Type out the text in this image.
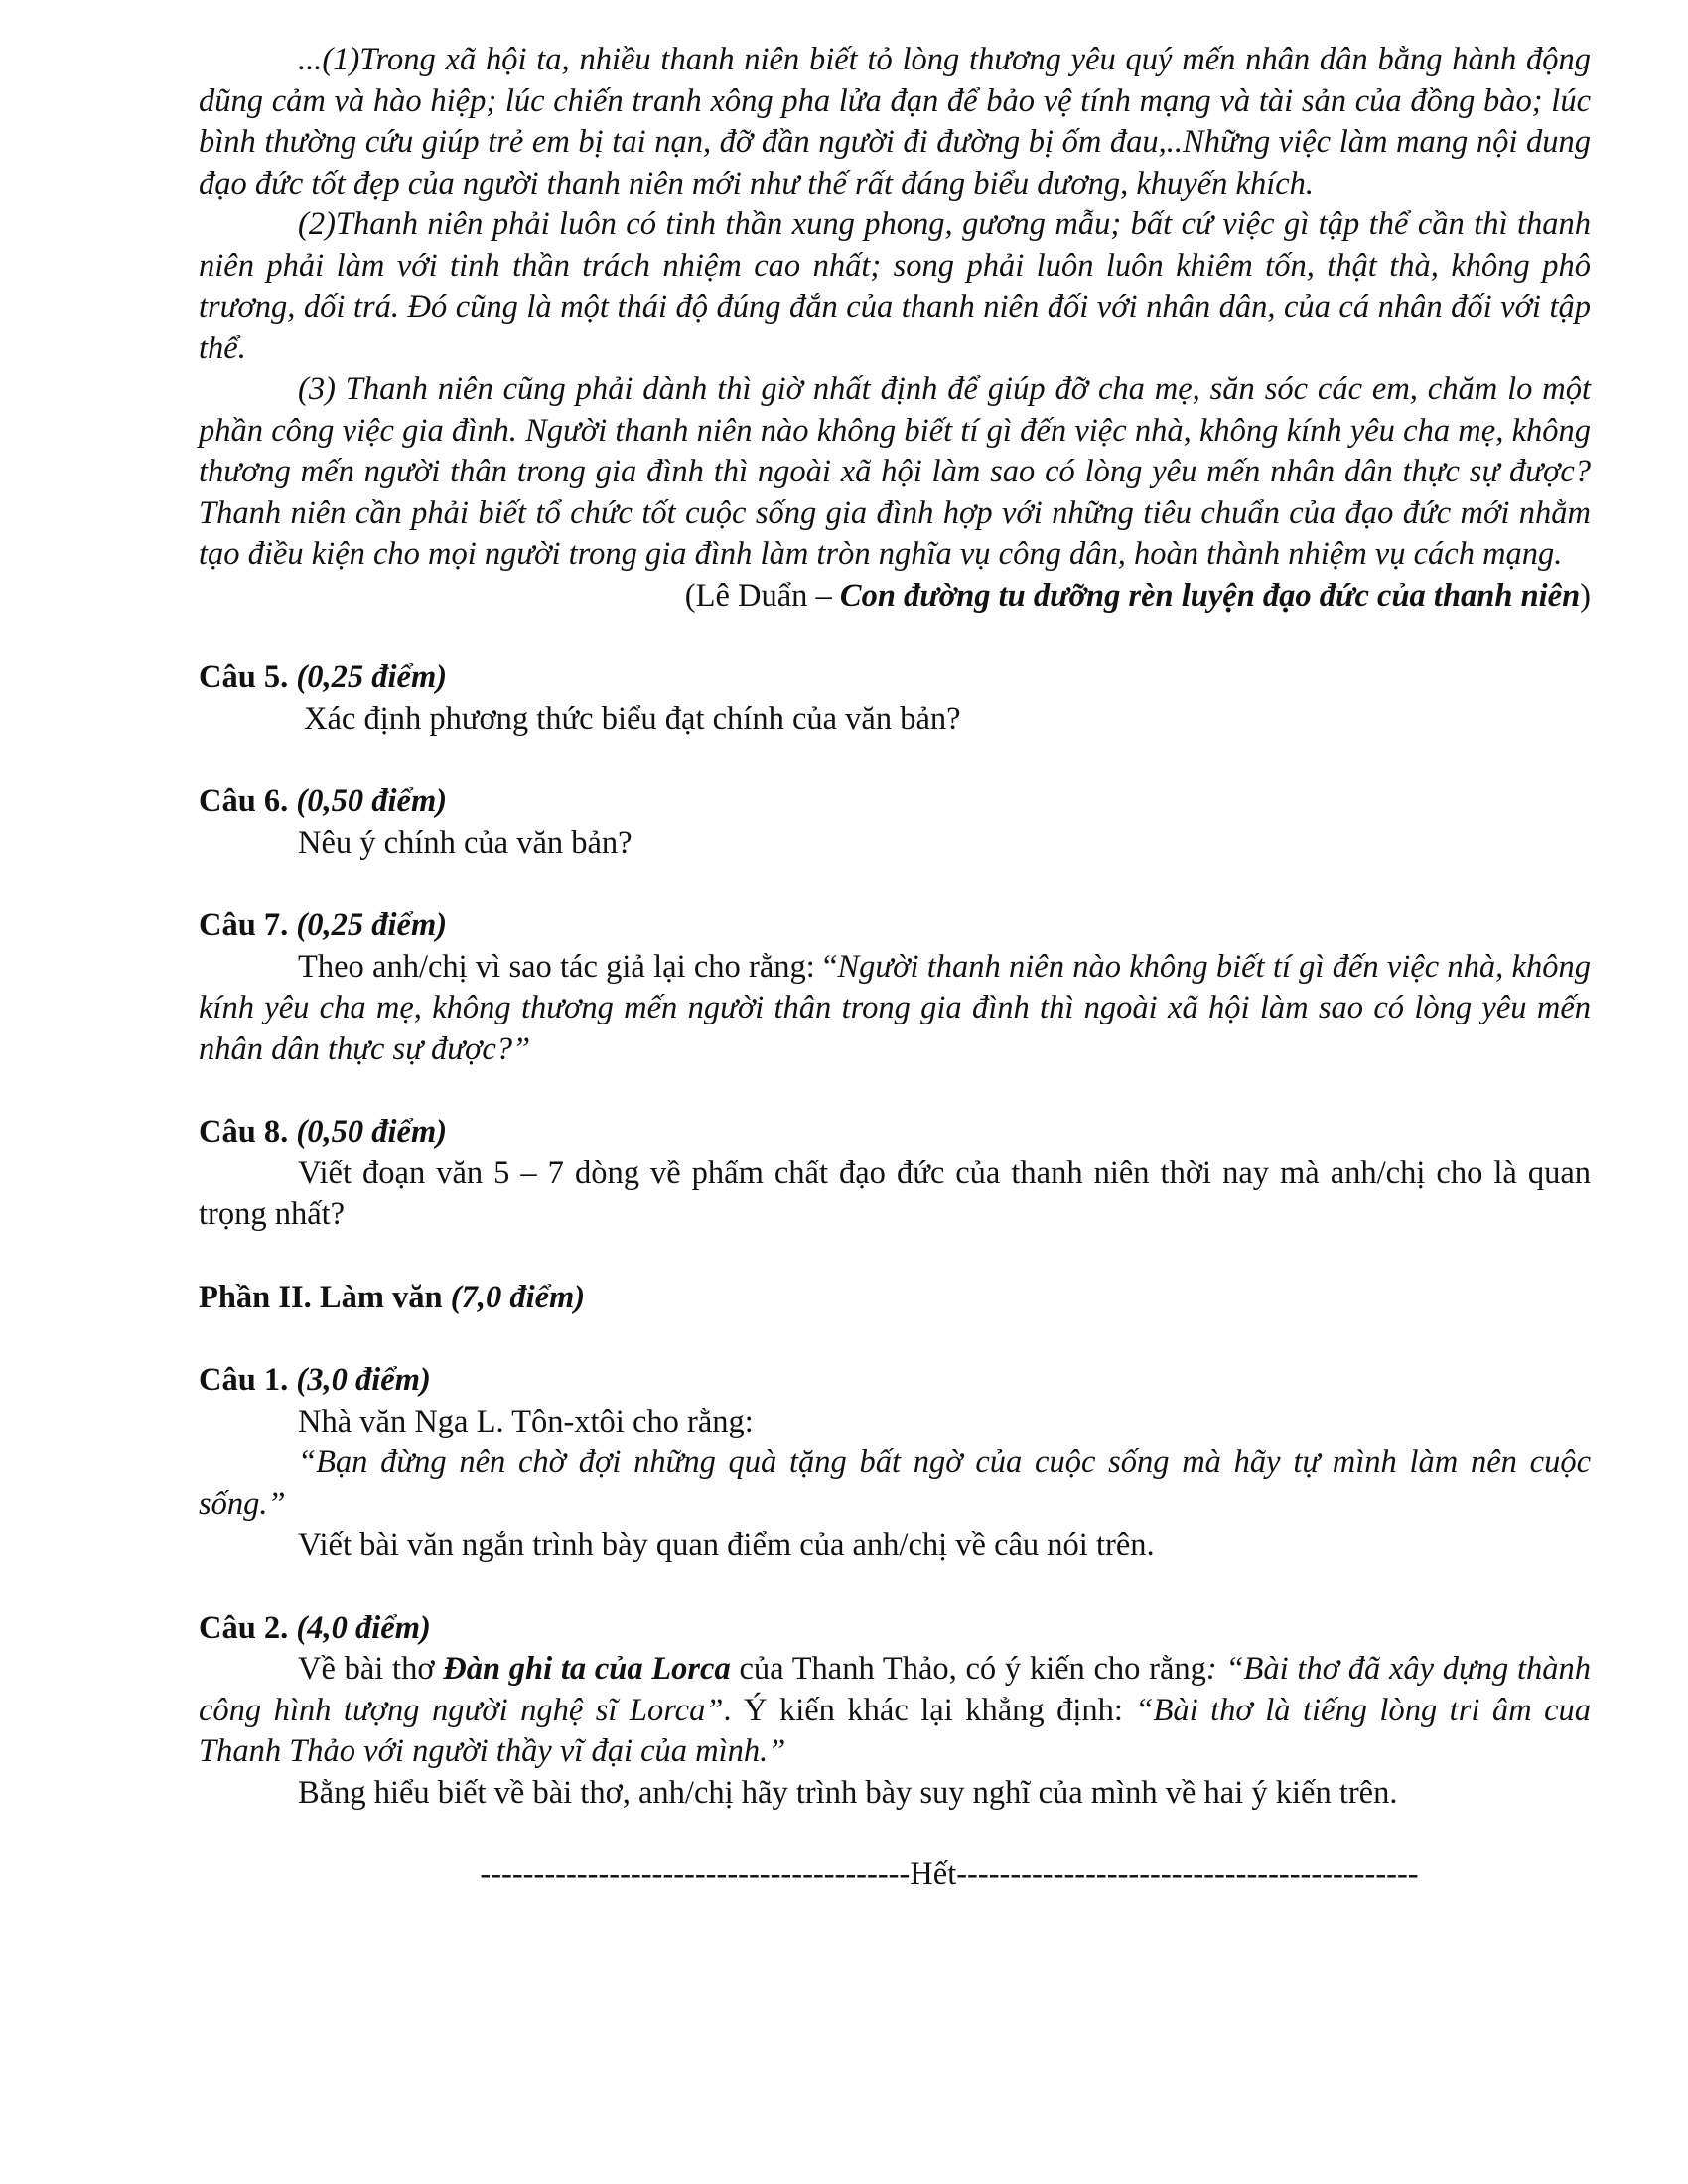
...(1)Trong xã hội ta, nhiều thanh niên biết tỏ lòng thương yêu quý mến nhân dân bằng hành động dũng cảm và hào hiệp; lúc chiến tranh xông pha lửa đạn để bảo vệ tính mạng và tài sản của đồng bào; lúc bình thường cứu giúp trẻ em bị tai nạn, đỡ đần người đi đường bị ốm đau,..Những việc làm mang nội dung đạo đức tốt đẹp của người thanh niên mới như thế rất đáng biểu dương, khuyến khích.

(2)Thanh niên phải luôn có tinh thần xung phong, gương mẫu; bất cứ việc gì tập thể cần thì thanh niên phải làm với tinh thần trách nhiệm cao nhất; song phải luôn luôn khiêm tốn, thật thà, không phô trương, dối trá. Đó cũng là một thái độ đúng đắn của thanh niên đối với nhân dân, của cá nhân đối với tập thể.

(3) Thanh niên cũng phải dành thì giờ nhất định để giúp đỡ cha mẹ, săn sóc các em, chăm lo một phần công việc gia đình. Người thanh niên nào không biết tí gì đến việc nhà, không kính yêu cha mẹ, không thương mến người thân trong gia đình thì ngoài xã hội làm sao có lòng yêu mến nhân dân thực sự được? Thanh niên cần phải biết tổ chức tốt cuộc sống gia đình hợp với những tiêu chuẩn của đạo đức mới nhằm tạo điều kiện cho mọi người trong gia đình làm tròn nghĩa vụ công dân, hoàn thành nhiệm vụ cách mạng.

(Lê Duẩn – Con đường tu dưỡng rèn luyện đạo đức của thanh niên)

Câu 5. (0,25 điểm)

Xác định phương thức biểu đạt chính của văn bản?

Câu 6. (0,50 điểm)

Nêu ý chính của văn bản?

Câu 7. (0,25 điểm)

Theo anh/chị vì sao tác giả lại cho rằng: “Người thanh niên nào không biết tí gì đến việc nhà, không kính yêu cha mẹ, không thương mến người thân trong gia đình thì ngoài xã hội làm sao có lòng yêu mến nhân dân thực sự được?”

Câu 8. (0,50 điểm)

Viết đoạn văn 5 – 7 dòng về phẩm chất đạo đức của thanh niên thời nay mà anh/chị cho là quan trọng nhất?

Phần II. Làm văn (7,0 điểm)

Câu 1. (3,0 điểm)

Nhà văn Nga L. Tôn-xtôi cho rằng:

“Bạn đừng nên chờ đợi những quà tặng bất ngờ của cuộc sống mà hãy tự mình làm nên cuộc sống.”

Viết bài văn ngắn trình bày quan điểm của anh/chị về câu nói trên.

Câu 2. (4,0 điểm)

Về bài thơ Đàn ghi ta của Lorca của Thanh Thảo, có ý kiến cho rằng: “Bài thơ đã xây dựng thành công hình tượng người nghệ sĩ Lorca”. Ý kiến khác lại khẳng định: “Bài thơ là tiếng lòng tri âm cua Thanh Thảo với người thầy vĩ đại của mình.”

Bằng hiểu biết về bài thơ, anh/chị hãy trình bày suy nghĩ của mình về hai ý kiến trên.

----------------------------------------Hết-------------------------------------------
